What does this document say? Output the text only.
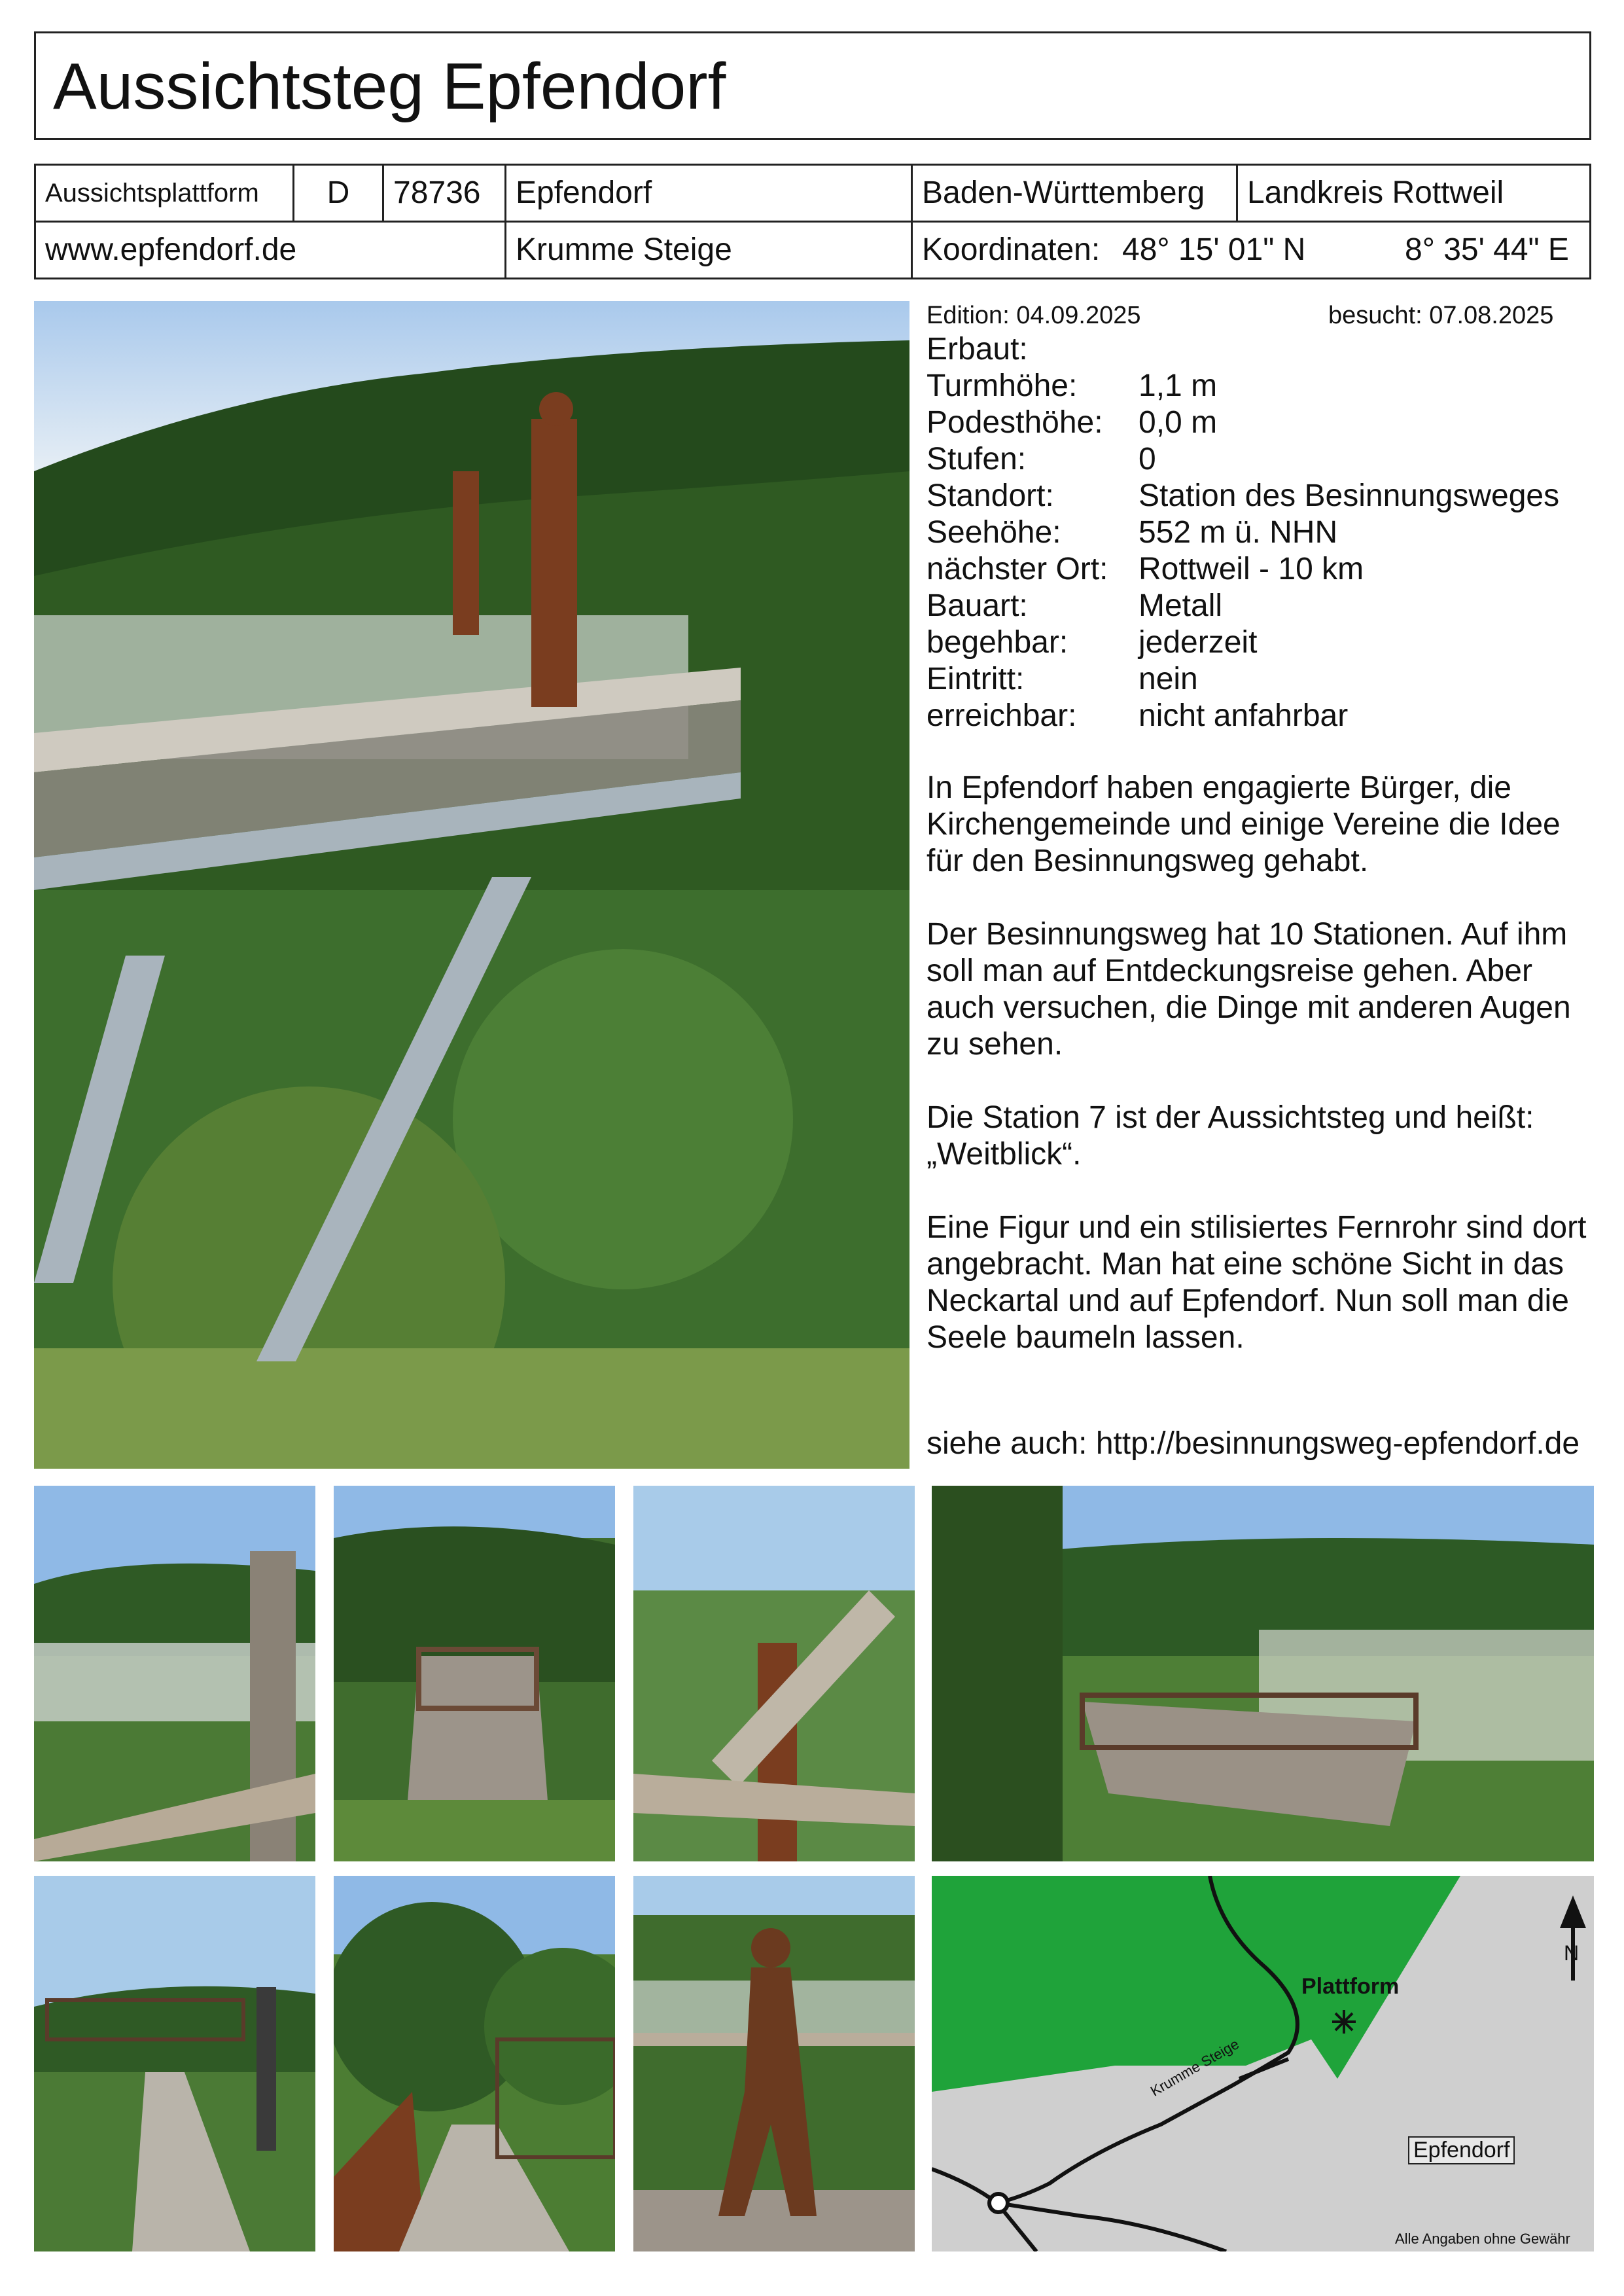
Aussichtsteg Epfendorf
Aussichtsplattform	D	78736	Epfendorf	Baden-Württemberg	Landkreis Rottweil
www.epfendorf.de	Krumme Steige	Koordinaten: 48° 15' 01" N	8° 35' 44" E
Edition: 04.09.2025	besucht: 07.08.2025
Erbaut:
Turmhöhe: 1,1 m
Podesthöhe: 0,0 m
Stufen:	0
Standort:	Station des Besinnungsweges
Seehöhe: 552 m ü. NHN
nächster Ort: Rottweil - 10 km
Bauart:	Metall
begehbar: jederzeit
Eintritt:	nein
erreichbar: nicht anfahrbar
In Epfendorf haben engagierte Bürger, die Kirchengemeinde und einige Vereine die Idee für den Besinnungsweg gehabt.
Der Besinnungsweg hat 10 Stationen. Auf ihm soll man auf Entdeckungsreise gehen. Aber auch versuchen, die Dinge mit anderen Augen zu sehen.
Die Station 7 ist der Aussichtsteg und heißt: „Weitblick“.
Eine Figur und ein stilisiertes Fernrohr sind dort angebracht. Man hat eine schöne Sicht in das Neckartal und auf Epfendorf. Nun soll man die Seele baumeln lassen.
siehe auch: http://besinnungsweg-epfendorf.de
Plattform
Krumme Steige
Epfendorf
N
Alle Angaben ohne Gewähr
